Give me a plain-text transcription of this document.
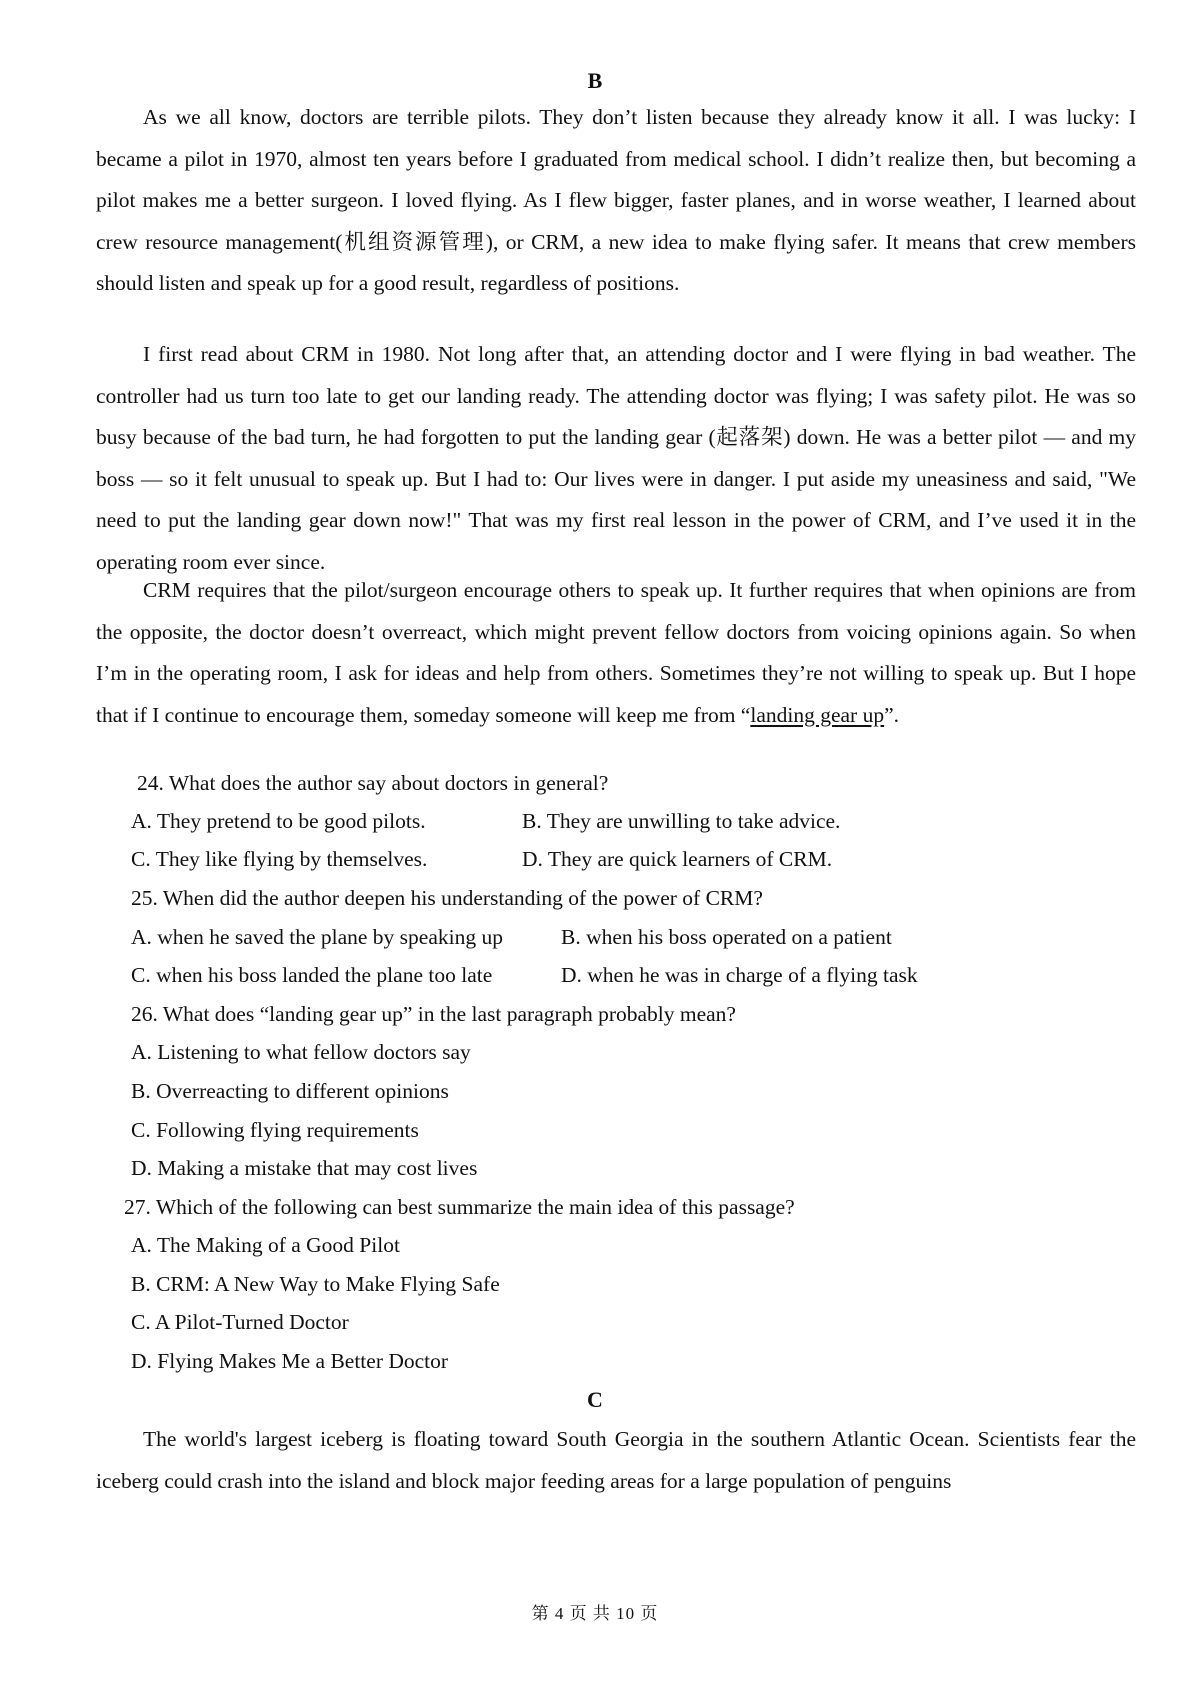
B

As we all know, doctors are terrible pilots. They don’t listen because they already know it all. I was lucky: I became a pilot in 1970, almost ten years before I graduated from medical school. I didn’t realize then, but becoming a pilot makes me a better surgeon. I loved flying. As I flew bigger, faster planes, and in worse weather, I learned about crew resource management(机组资源管理), or CRM, a new idea to make flying safer. It means that crew members should listen and speak up for a good result, regardless of positions.

I first read about CRM in 1980. Not long after that, an attending doctor and I were flying in bad weather. The controller had us turn too late to get our landing ready. The attending doctor was flying; I was safety pilot. He was so busy because of the bad turn, he had forgotten to put the landing gear (起落架) down. He was a better pilot — and my boss — so it felt unusual to speak up. But I had to: Our lives were in danger. I put aside my uneasiness and said, "We need to put the landing gear down now!" That was my first real lesson in the power of CRM, and I’ve used it in the operating room ever since.

CRM requires that the pilot/surgeon encourage others to speak up. It further requires that when opinions are from the opposite, the doctor doesn’t overreact, which might prevent fellow doctors from voicing opinions again. So when I’m in the operating room, I ask for ideas and help from others. Sometimes they’re not willing to speak up. But I hope that if I continue to encourage them, someday someone will keep me from “landing gear up”.

24. What does the author say about doctors in general?
A. They pretend to be good pilots.	B. They are unwilling to take advice.
C. They like flying by themselves.	D. They are quick learners of CRM.
25. When did the author deepen his understanding of the power of CRM?
A. when he saved the plane by speaking up	B. when his boss operated on a patient
C. when his boss landed the plane too late	D. when he was in charge of a flying task
26. What does “landing gear up” in the last paragraph probably mean?
A. Listening to what fellow doctors say
B. Overreacting to different opinions
C. Following flying requirements
D. Making a mistake that may cost lives
27. Which of the following can best summarize the main idea of this passage?
A. The Making of a Good Pilot
B. CRM: A New Way to Make Flying Safe
C. A Pilot-Turned Doctor
D. Flying Makes Me a Better Doctor
C

The world's largest iceberg is floating toward South Georgia in the southern Atlantic Ocean. Scientists fear the iceberg could crash into the island and block major feeding areas for a large population of penguins

第 4 页 共 10 页
